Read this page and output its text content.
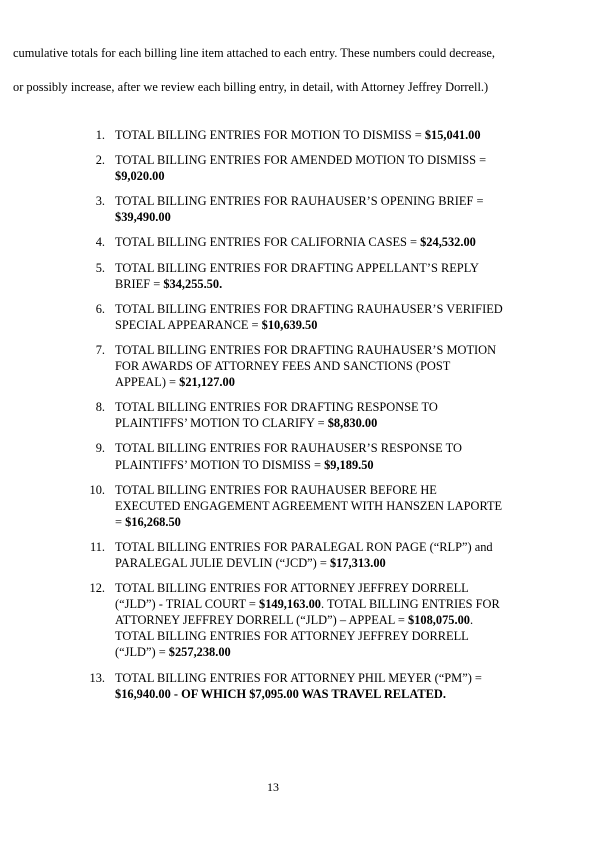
cumulative totals for each billing line item attached to each entry. These numbers could decrease,
or possibly increase, after we review each billing entry, in detail, with Attorney Jeffrey Dorrell.)

1. TOTAL BILLING ENTRIES FOR MOTION TO DISMISS = $15,041.00
2. TOTAL BILLING ENTRIES FOR AMENDED MOTION TO DISMISS =
$9,020.00
3. TOTAL BILLING ENTRIES FOR RAUHAUSER’S OPENING BRIEF =
$39,490.00
4. TOTAL BILLING ENTRIES FOR CALIFORNIA CASES = $24,532.00
5. TOTAL BILLING ENTRIES FOR DRAFTING APPELLANT’S REPLY
BRIEF = $34,255.50.
6. TOTAL BILLING ENTRIES FOR DRAFTING RAUHAUSER’S VERIFIED
SPECIAL APPEARANCE = $10,639.50
7. TOTAL BILLING ENTRIES FOR DRAFTING RAUHAUSER’S MOTION
FOR AWARDS OF ATTORNEY FEES AND SANCTIONS (POST
APPEAL) = $21,127.00
8. TOTAL BILLING ENTRIES FOR DRAFTING RESPONSE TO
PLAINTIFFS’ MOTION TO CLARIFY = $8,830.00
9. TOTAL BILLING ENTRIES FOR RAUHAUSER’S RESPONSE TO
PLAINTIFFS’ MOTION TO DISMISS = $9,189.50
10. TOTAL BILLING ENTRIES FOR RAUHAUSER BEFORE HE
EXECUTED ENGAGEMENT AGREEMENT WITH HANSZEN LAPORTE
= $16,268.50
11. TOTAL BILLING ENTRIES FOR PARALEGAL RON PAGE (“RLP”) and
PARALEGAL JULIE DEVLIN (“JCD”) = $17,313.00
12. TOTAL BILLING ENTRIES FOR ATTORNEY JEFFREY DORRELL
(“JLD”) - TRIAL COURT = $149,163.00. TOTAL BILLING ENTRIES FOR
ATTORNEY JEFFREY DORRELL (“JLD”) – APPEAL = $108,075.00.
TOTAL BILLING ENTRIES FOR ATTORNEY JEFFREY DORRELL
(“JLD”) = $257,238.00
13. TOTAL BILLING ENTRIES FOR ATTORNEY PHIL MEYER (“PM”) =
$16,940.00 - OF WHICH $7,095.00 WAS TRAVEL RELATED.
13
